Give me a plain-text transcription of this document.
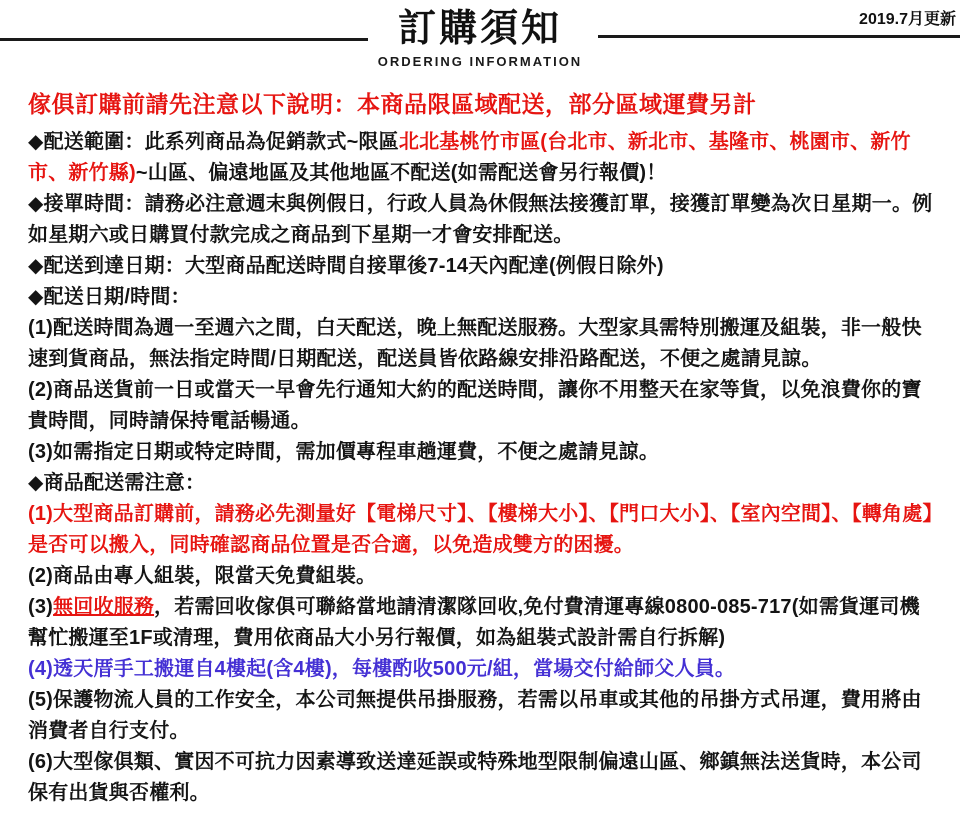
2019.7月更新
訂購須知
ORDERING INFORMATION
傢俱訂購前請先注意以下說明：本商品限區域配送，部分區域運費另計

◆配送範圍：此系列商品為促銷款式~限區北北基桃竹市區(台北市、新北市、基隆市、桃園市、新竹市、新竹縣)~山區、偏遠地區及其他地區不配送(如需配送會另行報價)！

◆接單時間：請務必注意週末與例假日，行政人員為休假無法接獲訂單，接獲訂單變為次日星期一。例如星期六或日購買付款完成之商品到下星期一才會安排配送。

◆配送到達日期：大型商品配送時間自接單後7-14天內配達(例假日除外)

◆配送日期/時間：

(1)配送時間為週一至週六之間，白天配送，晚上無配送服務。大型家具需特別搬運及組裝，非一般快速到貨商品，無法指定時間/日期配送，配送員皆依路線安排沿路配送，不便之處請見諒。

(2)商品送貨前一日或當天一早會先行通知大約的配送時間，讓你不用整天在家等貨，以免浪費你的寶貴時間，同時請保持電話暢通。

(3)如需指定日期或特定時間，需加價專程車趟運費，不便之處請見諒。

◆商品配送需注意：

(1)大型商品訂購前，請務必先測量好【電梯尺寸】、【樓梯大小】、【門口大小】、【室內空間】、【轉角處】是否可以搬入，同時確認商品位置是否合適，以免造成雙方的困擾。

(2)商品由專人組裝，限當天免費組裝。

(3)無回收服務，若需回收傢俱可聯絡當地請清潔隊回收,免付費清運專線0800-085-717(如需貨運司機幫忙搬運至1F或清理，費用依商品大小另行報價，如為組裝式設計需自行拆解)

(4)透天厝手工搬運自4樓起(含4樓)，每樓酌收500元/組，當場交付給師父人員。

(5)保護物流人員的工作安全，本公司無提供吊掛服務，若需以吊車或其他的吊掛方式吊運，費用將由消費者自行支付。

(6)大型傢俱類、實因不可抗力因素導致送達延誤或特殊地型限制偏遠山區、鄉鎮無法送貨時，本公司保有出貨與否權利。
